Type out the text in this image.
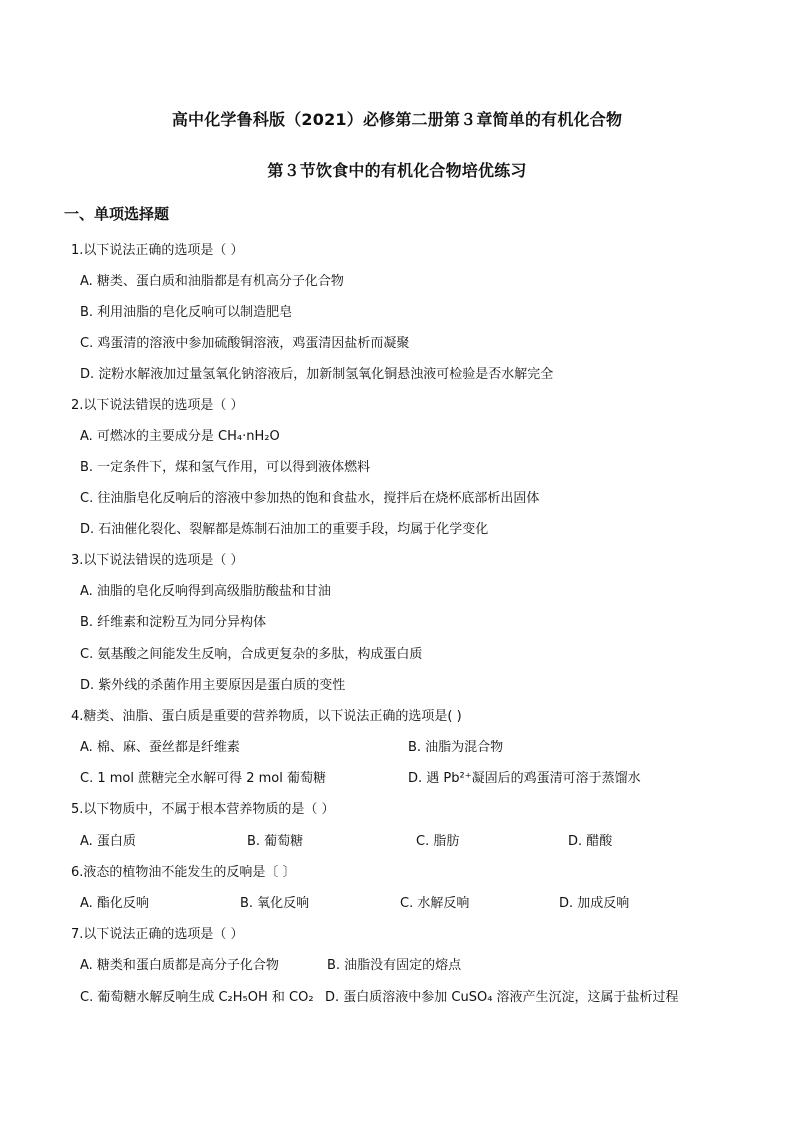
高中化学鲁科版（2021）必修第二册第３章简单的有机化合物
第３节饮食中的有机化合物培优练习
一、单项选择题
1.以下说法正确的选项是（ ）
A. 糖类、蛋白质和油脂都是有机高分子化合物
B. 利用油脂的皂化反响可以制造肥皂
C. 鸡蛋清的溶液中参加硫酸铜溶液，鸡蛋清因盐析而凝聚
D. 淀粉水解液加过量氢氧化钠溶液后，加新制氢氧化铜悬浊液可检验是否水解完全
2.以下说法错误的选项是（ ）
A. 可燃冰的主要成分是 CH₄·nH₂O
B. 一定条件下，煤和氢气作用，可以得到液体燃料
C. 往油脂皂化反响后的溶液中参加热的饱和食盐水，搅拌后在烧杯底部析出固体
D. 石油催化裂化、裂解都是炼制石油加工的重要手段，均属于化学变化
3.以下说法错误的选项是（ ）
A. 油脂的皂化反响得到高级脂肪酸盐和甘油
B. 纤维素和淀粉互为同分异构体
C. 氨基酸之间能发生反响，合成更复杂的多肽，构成蛋白质
D. 紫外线的杀菌作用主要原因是蛋白质的变性
4.糖类、油脂、蛋白质是重要的营养物质，以下说法正确的选项是( )
A. 棉、麻、蚕丝都是纤维素	B. 油脂为混合物
C. 1 mol 蔗糖完全水解可得 2 mol 葡萄糖	D. 遇 Pb²⁺凝固后的鸡蛋清可溶于蒸馏水
5.以下物质中，不属于根本营养物质的是（ ）
A. 蛋白质	B. 葡萄糖	C. 脂肪	D. 醋酸
6.液态的植物油不能发生的反响是〔 〕
A. 酯化反响	B. 氧化反响	C. 水解反响	D. 加成反响
7.以下说法正确的选项是（ ）
A. 糖类和蛋白质都是高分子化合物	B. 油脂没有固定的熔点
C. 葡萄糖水解反响生成 C₂H₅OH 和 CO₂ D. 蛋白质溶液中参加 CuSO₄ 溶液产生沉淀，这属于盐析过程
